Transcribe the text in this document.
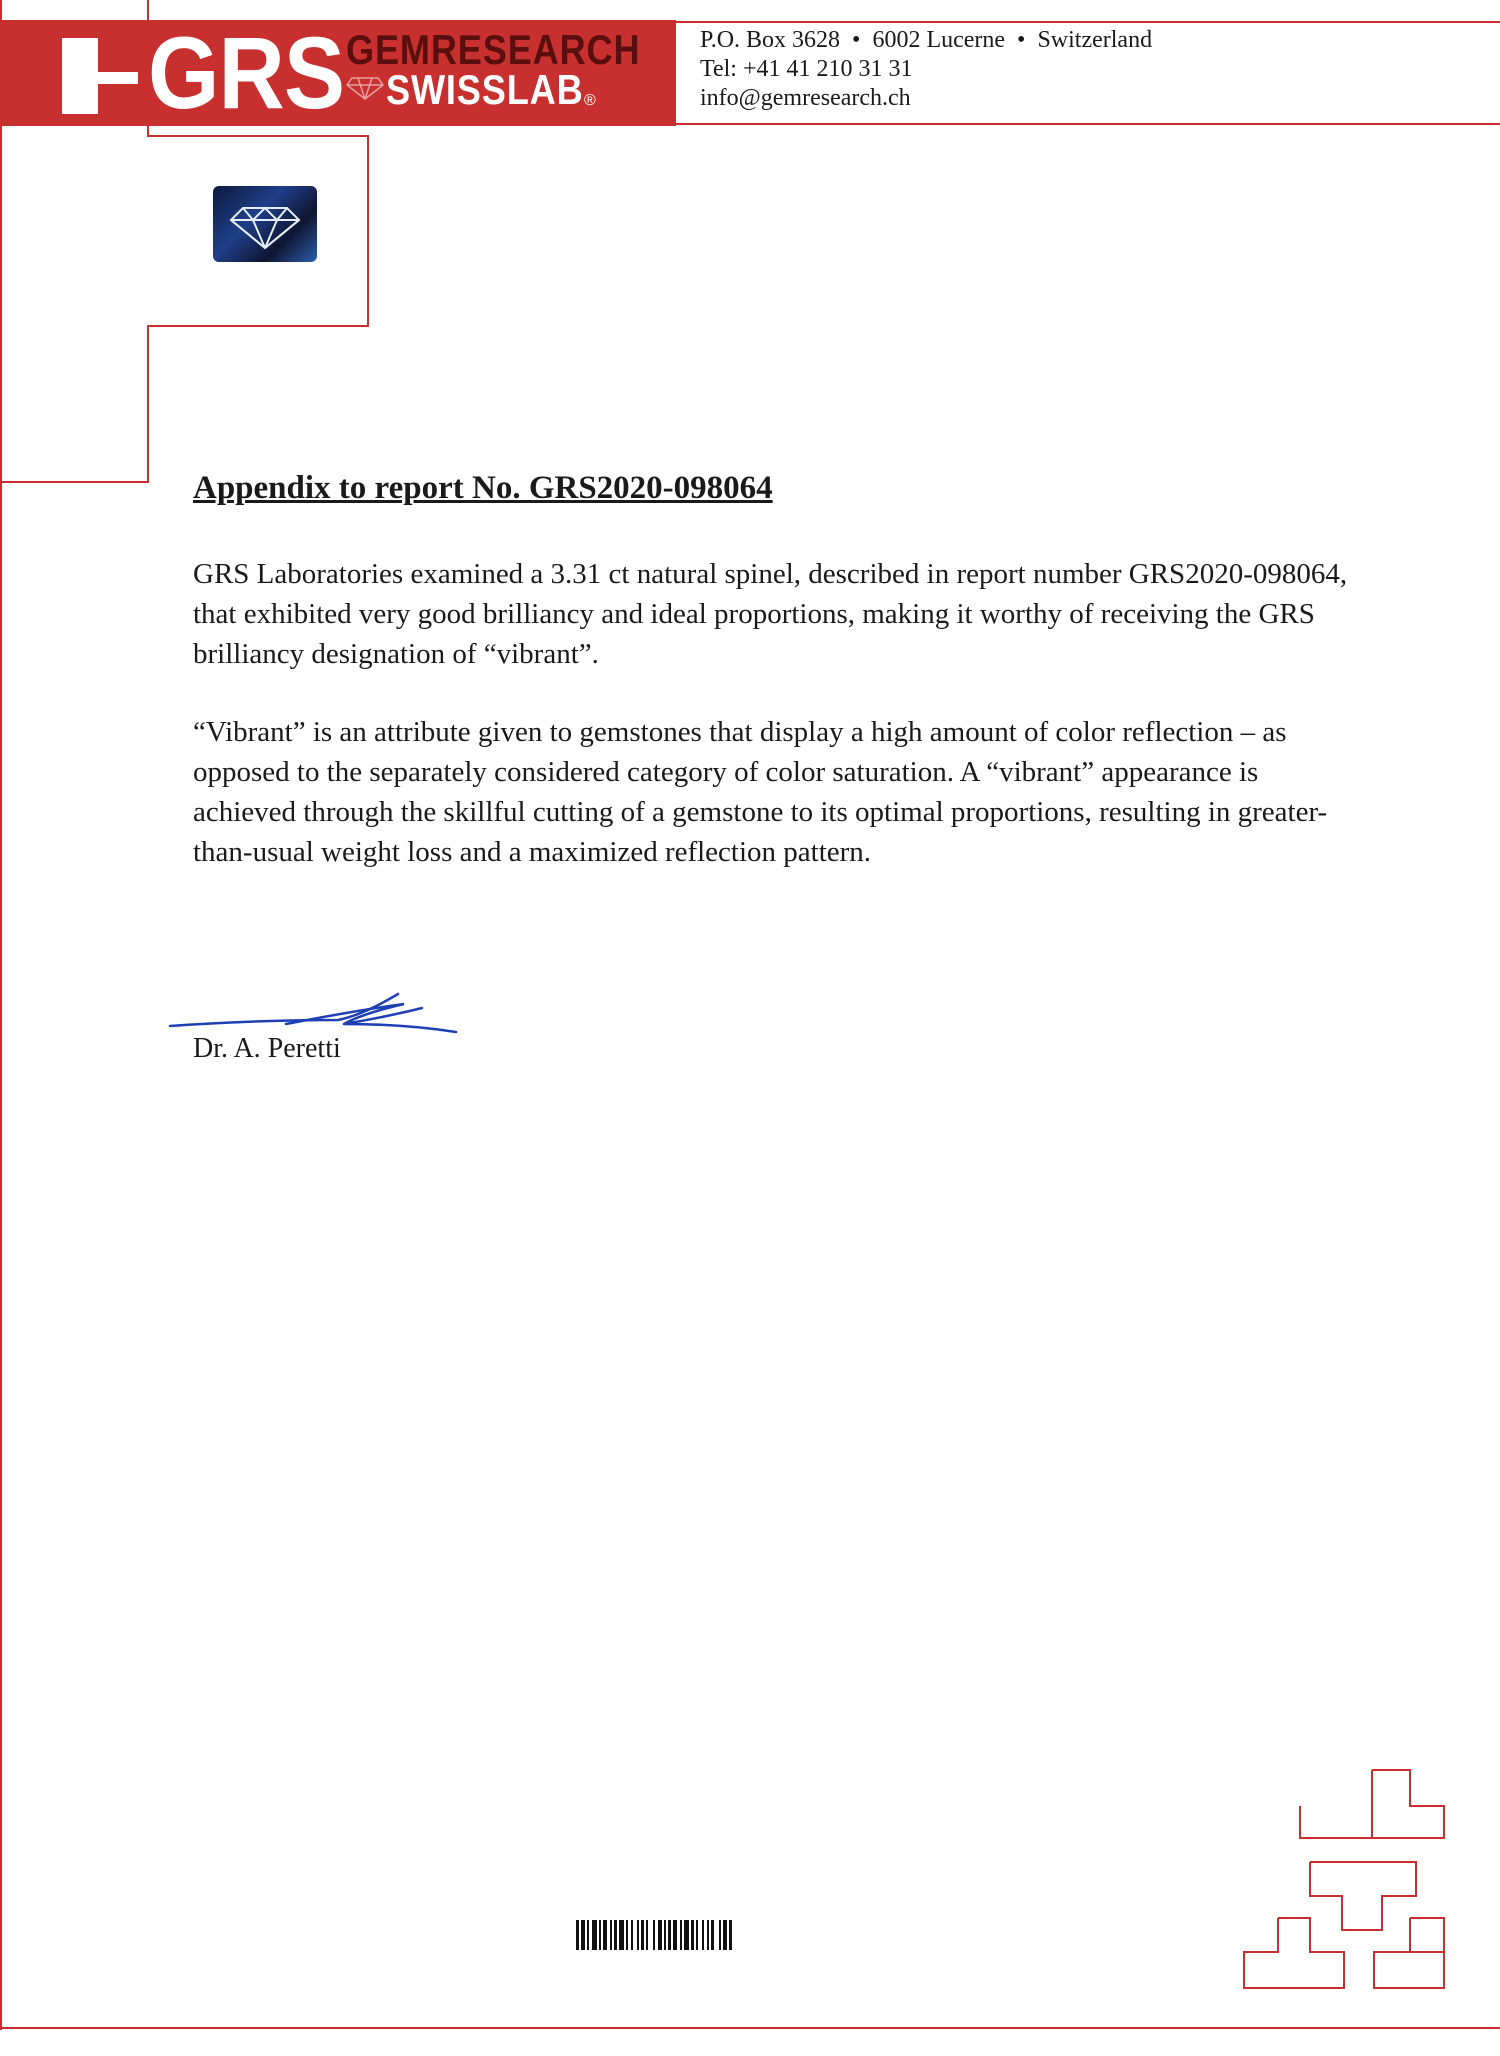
GRS GEMRESEARCH
SWISSLAB ®
P.O. Box 3628 • 6002 Lucerne • Switzerland
Tel: +41 41 210 31 31
info@gemresearch.ch
Appendix to report No. GRS2020-098064

GRS Laboratories examined a 3.31 ct natural spinel, described in report number GRS2020-098064, that exhibited very good brilliancy and ideal proportions, making it worthy of receiving the GRS brilliancy designation of “vibrant”.

“Vibrant” is an attribute given to gemstones that display a high amount of color reflection – as opposed to the separately considered category of color saturation. A “vibrant” appearance is achieved through the skillful cutting of a gemstone to its optimal proportions, resulting in greater-than-usual weight loss and a maximized reflection pattern.

Dr. A. Peretti
